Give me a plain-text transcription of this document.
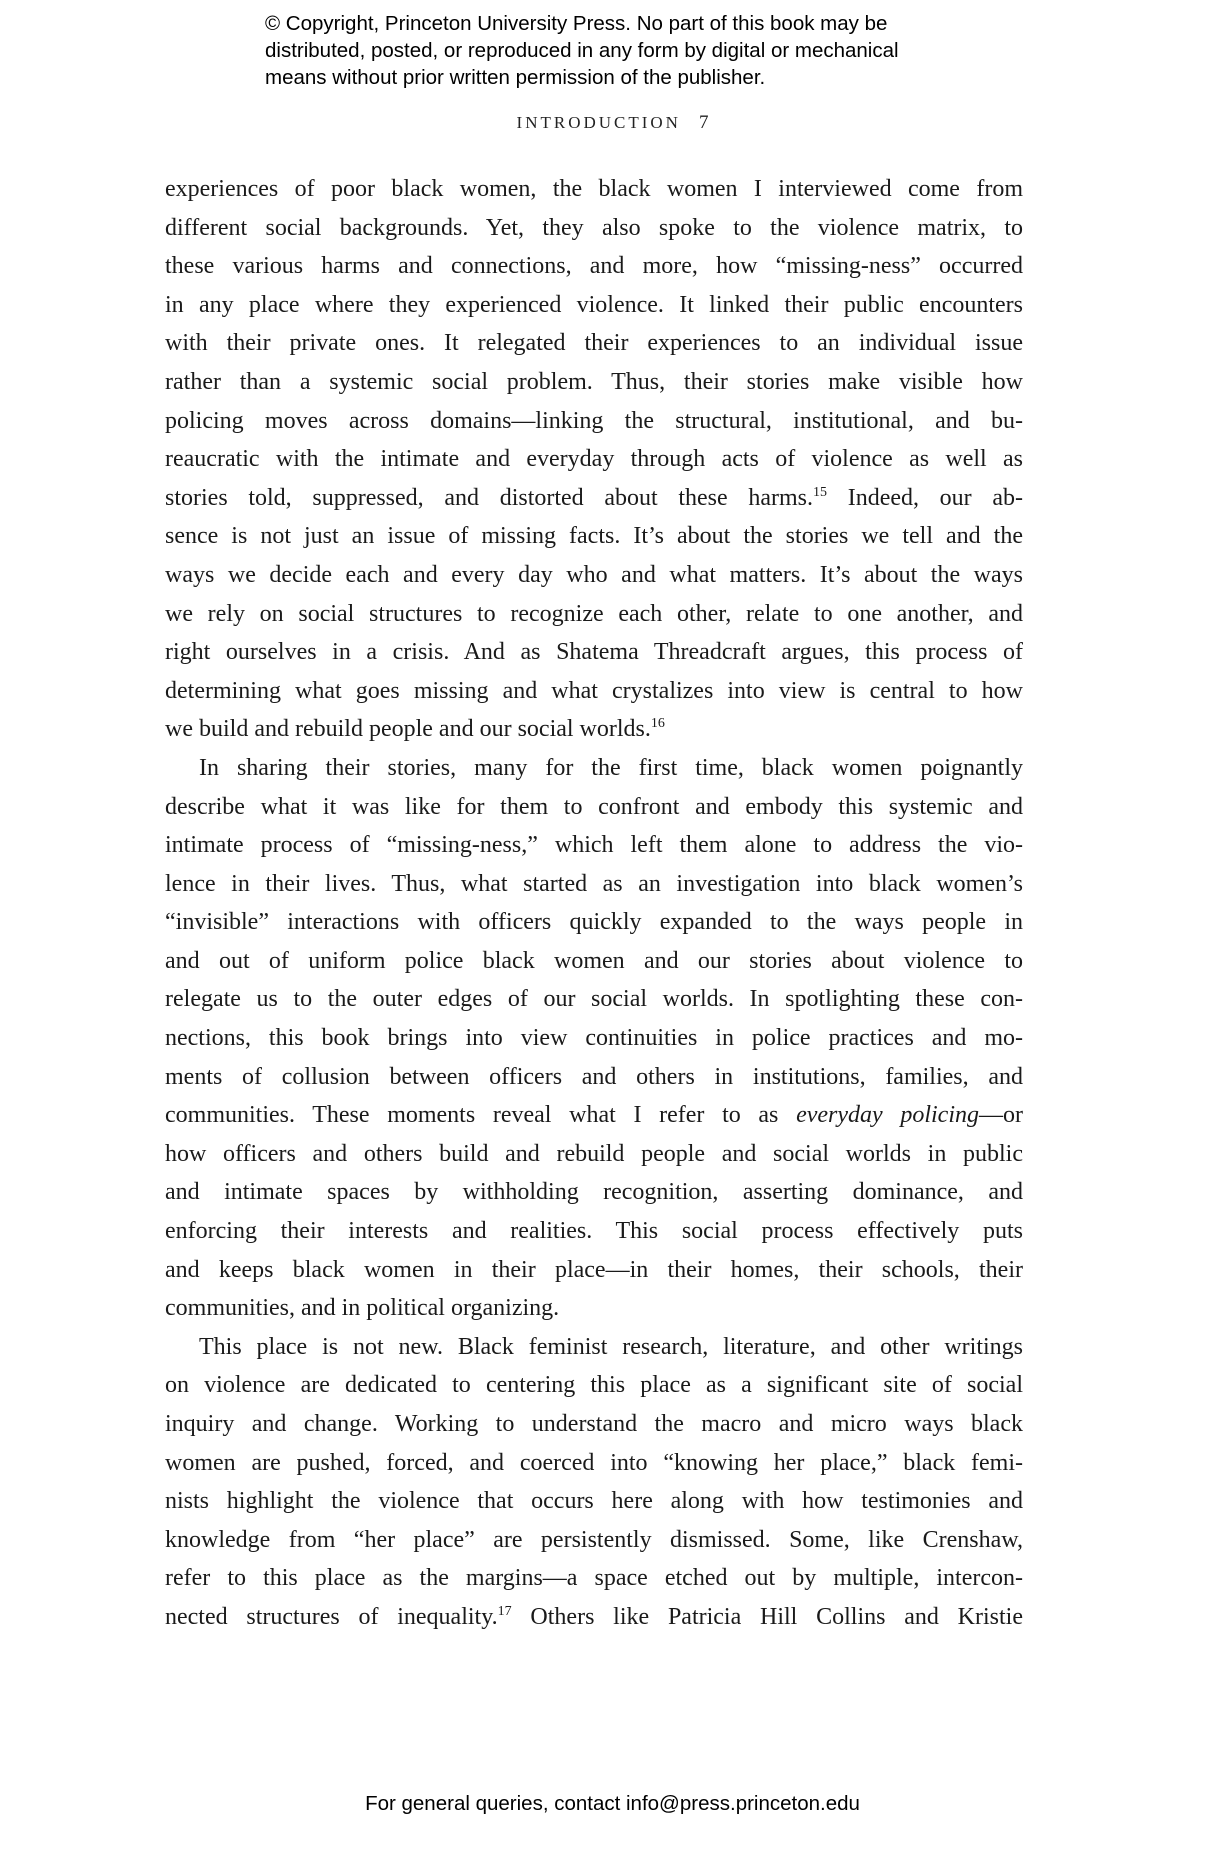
© Copyright, Princeton University Press. No part of this book may be
distributed, posted, or reproduced in any form by digital or mechanical
means without prior written permission of the publisher.
INTRODUCTION 7
experiences of poor black women, the black women I interviewed come from
different social backgrounds. Yet, they also spoke to the violence matrix, to
these various harms and connections, and more, how “missing-ness” occurred
in any place where they experienced violence. It linked their public encounters
with their private ones. It relegated their experiences to an individual issue
rather than a systemic social problem. Thus, their stories make visible how
policing moves across domains—linking the structural, institutional, and bu-
reaucratic with the intimate and everyday through acts of violence as well as
stories told, suppressed, and distorted about these harms.$^{15}$ Indeed, our ab-
sence is not just an issue of missing facts. It’s about the stories we tell and the
ways we decide each and every day who and what matters. It’s about the ways
we rely on social structures to recognize each other, relate to one another, and
right ourselves in a crisis. And as Shatema Threadcraft argues, this process of
determining what goes missing and what crystalizes into view is central to how
we build and rebuild people and our social worlds.$^{16}$
In sharing their stories, many for the first time, black women poignantly
describe what it was like for them to confront and embody this systemic and
intimate process of “missing-ness,” which left them alone to address the vio-
lence in their lives. Thus, what started as an investigation into black women’s
“invisible” interactions with officers quickly expanded to the ways people in
and out of uniform police black women and our stories about violence to
relegate us to the outer edges of our social worlds. In spotlighting these con-
nections, this book brings into view continuities in police practices and mo-
ments of collusion between officers and others in institutions, families, and
communities. These moments reveal what I refer to as everyday policing—or
how officers and others build and rebuild people and social worlds in public
and intimate spaces by withholding recognition, asserting dominance, and
enforcing their interests and realities. This social process effectively puts
and keeps black women in their place—in their homes, their schools, their
communities, and in political organizing.
This place is not new. Black feminist research, literature, and other writings
on violence are dedicated to centering this place as a significant site of social
inquiry and change. Working to understand the macro and micro ways black
women are pushed, forced, and coerced into “knowing her place,” black femi-
nists highlight the violence that occurs here along with how testimonies and
knowledge from “her place” are persistently dismissed. Some, like Crenshaw,
refer to this place as the margins—a space etched out by multiple, intercon-
nected structures of inequality.$^{17}$ Others like Patricia Hill Collins and Kristie
For general queries, contact info@press.princeton.edu
